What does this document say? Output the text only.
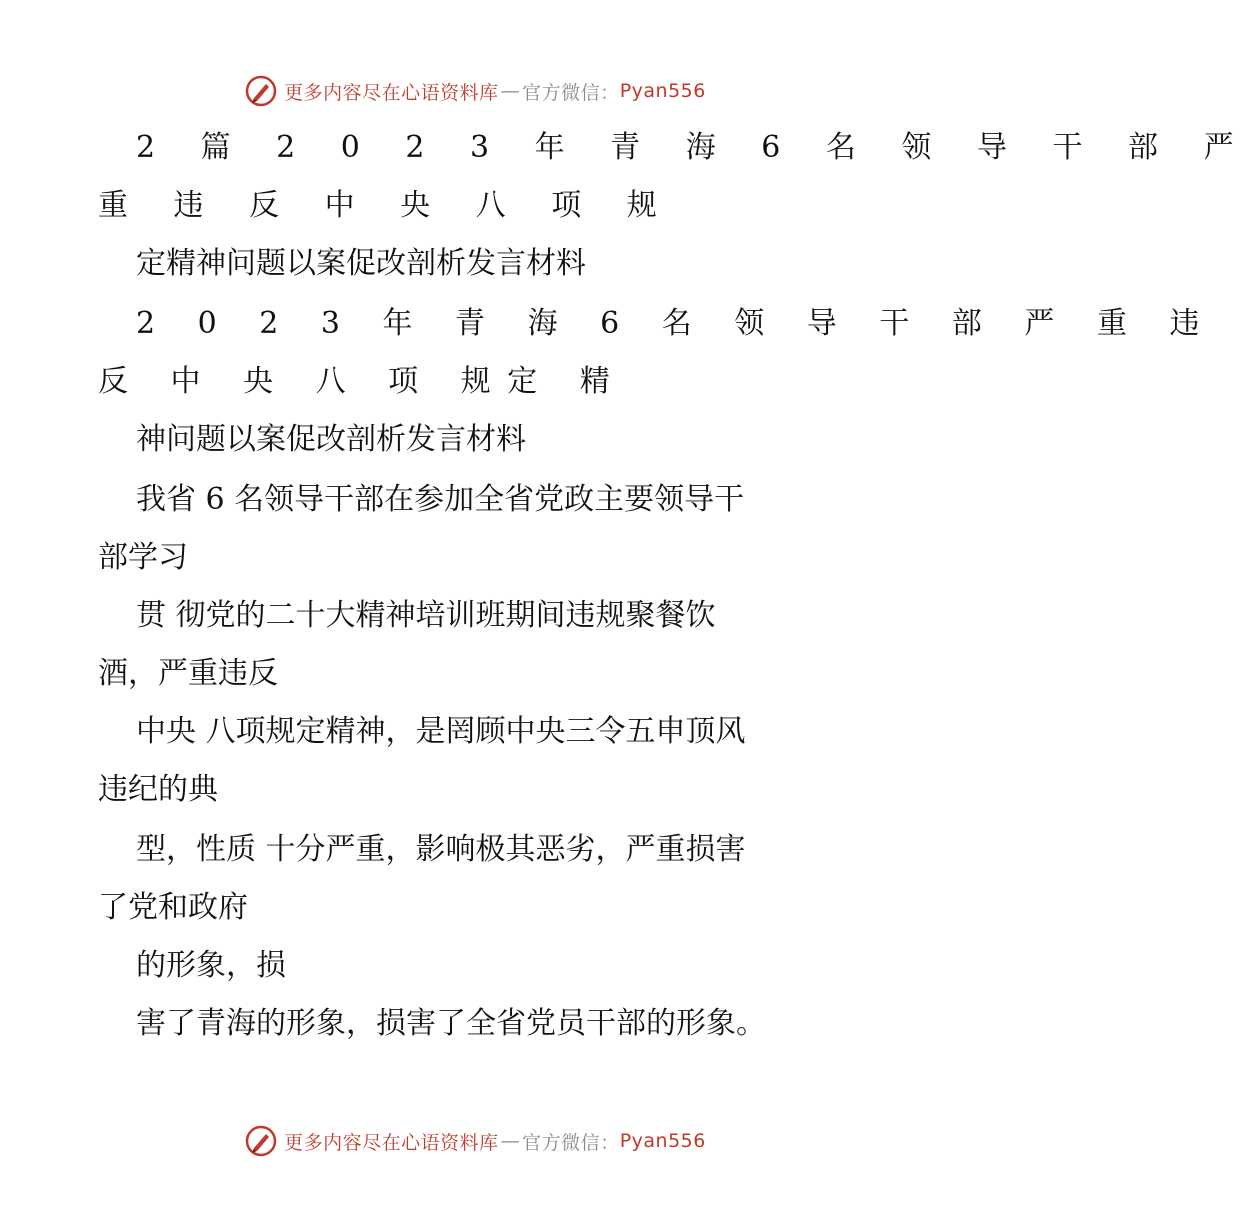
更多内容尽在心语资料库 — 官方微信： Pyan556
2 篇 2 0 2 3 年 青 海 6 名 领 导 干 部 严
重 违 反 中 央 八 项 规
定精神问题以案促改剖析发言材料
2 0 2 3 年 青 海 6 名 领 导 干 部 严 重 违
反 中 央 八 项 规定 精
神问题以案促改剖析发言材料
我省 6 名领导干部在参加全省党政主要领导干
部学习
贯 彻党的二十大精神培训班期间违规聚餐饮
酒，严重违反
中央 八项规定精神，是罔顾中央三令五申顶风
违纪的典
型，性质 十分严重，影响极其恶劣，严重损害
了党和政府
的形象，损
害了青海的形象，损害了全省党员干部的形象。
更多内容尽在心语资料库 — 官方微信： Pyan556
